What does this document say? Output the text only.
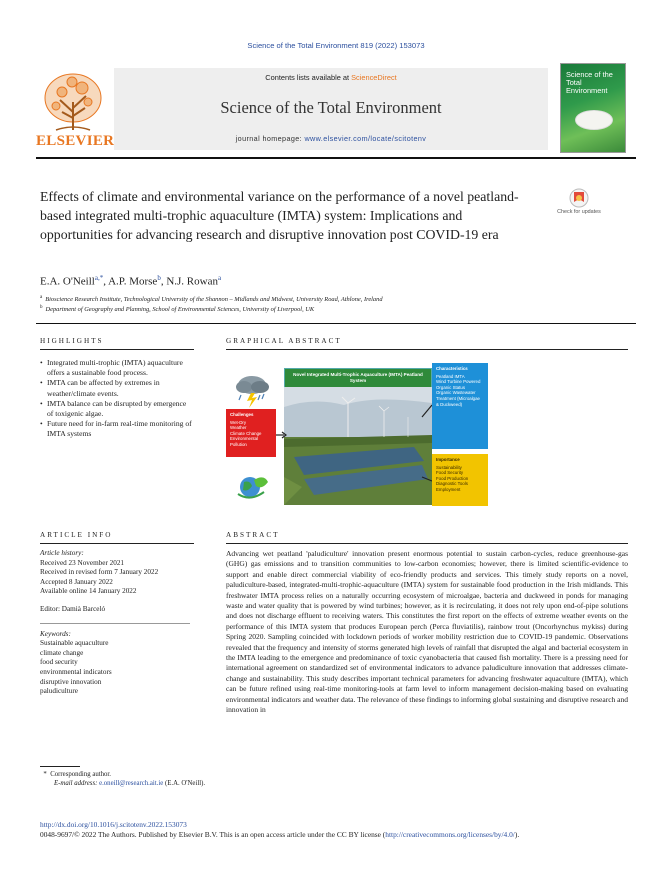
Science of the Total Environment 819 (2022) 153073
ELSEVIER
Contents lists available at ScienceDirect
Science of the Total Environment
journal homepage: www.elsevier.com/locate/scitotenv
Science of the Total Environment
Effects of climate and environmental variance on the performance of a novel peatland-based integrated multi-trophic aquaculture (IMTA) system: Implications and opportunities for advancing research and disruptive innovation post COVID-19 era
Check for updates
E.A. O'Neill$^{a,*}$, A.P. Morse$^b$, N.J. Rowan$^a$
$^a$ Bioscience Research Institute, Technological University of the Shannon – Midlands and Midwest, University Road, Athlone, Ireland
$^b$ Department of Geography and Planning, School of Environmental Sciences, University of Liverpool, UK
HIGHLIGHTS
• Integrated multi-trophic (IMTA) aquaculture offers a sustainable food process.
• IMTA can be affected by extremes in weather/climate events.
• IMTA balance can be disrupted by emergence of toxigenic algae.
• Future need for in-farm real-time monitoring of IMTA systems
GRAPHICAL ABSTRACT
Challenges
Wet-Dry
Weather
Climate Change
Environmental Pollution
Novel Integrated Multi-Trophic Aquaculture (IMTA) Peatland System
Characteristics
Peatland IMTA
Wind Turbine Powered
Organic Status
Organic Wastewater Treatment (Microalgae & Duckweed)
Importance
Sustainability
Food Security
Food Production
Diagnostic Tools
Employment
ARTICLE INFO
Article history:
Received 23 November 2021
Received in revised form 7 January 2022
Accepted 8 January 2022
Available online 14 January 2022
Editor: Damià Barceló
Keywords:
Sustainable aquaculture
climate change
food security
environmental indicators
disruptive innovation
paludiculture
ABSTRACT
Advancing wet peatland 'paludiculture' innovation present enormous potential to sustain carbon-cycles, reduce greenhouse-gas (GHG) gas emissions and to transition communities to low-carbon economies; however, there is limited scientific-evidence to support and enable direct commercial viability of eco-friendly products and services. This timely study reports on a novel, paludiculture-based, integrated-multi-trophic-aquaculture (IMTA) system for sustainable food production in the Irish midlands. This freshwater IMTA process relies on a naturally occurring ecosystem of microalgae, bacteria and duckweed in ponds for managing waste and water quality that is powered by wind turbines; however, as it is recirculating, it does not rely upon end-of-pipe solutions and does not discharge effluent to receiving waters. This constitutes the first report on the effects of extreme weather events on the performance of this IMTA system that produces European perch (Perca fluviatilis), rainbow trout (Oncorhynchus mykiss) during Spring 2020. Sampling coincided with lockdown periods of worker mobility restriction due to COVID-19 pandemic. Observations revealed that the frequency and intensity of storms generated high levels of rainfall that disrupted the algal and bacterial ecosystem in the IMTA leading to the emergence and predominance of toxic cyanobacteria that caused fish mortality. There is a pressing need for international agreement on standardized set of environmental indicators to advance paludiculture innovation that addresses climate-change and sustainability. This study describes important technical parameters for advancing freshwater aquaculture (IMTA), which can be future refined using real-time monitoring-tools at farm level to inform management decision-making based on evaluating environmental indicators and weather data. The relevance of these findings to informing global sustaining and disruptive research and innovation in
* Corresponding author.
E-mail address: e.oneill@research.ait.ie (E.A. O'Neill).
http://dx.doi.org/10.1016/j.scitotenv.2022.153073
0048-9697/© 2022 The Authors. Published by Elsevier B.V. This is an open access article under the CC BY license (http://creativecommons.org/licenses/by/4.0/).
